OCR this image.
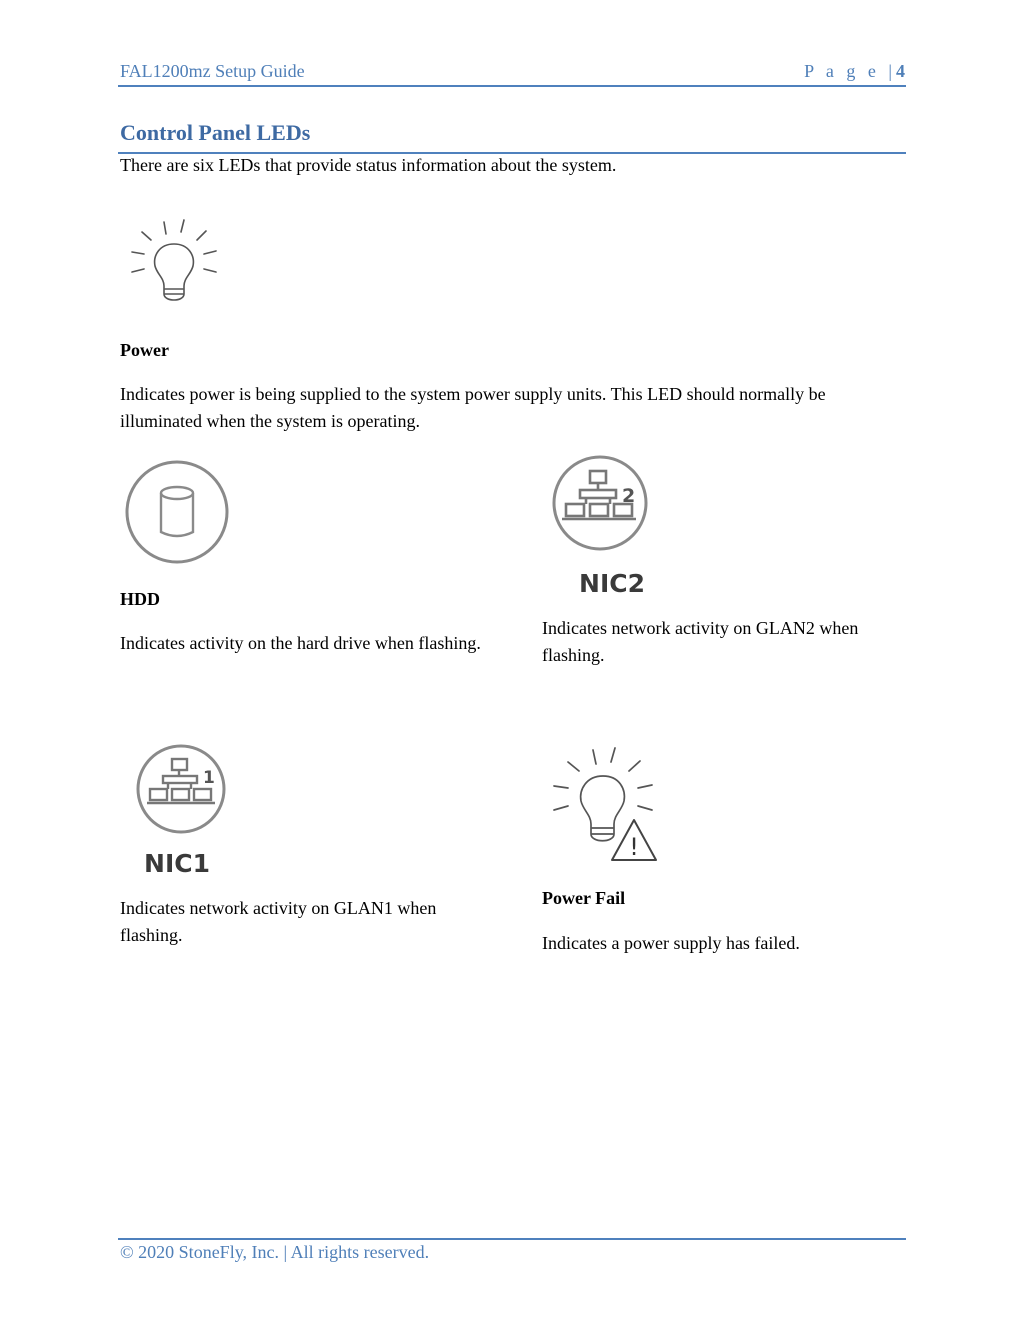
FAL1200mz Setup Guide	P a g e |4
Control Panel LEDs
There are six LEDs that provide status information about the system.
Power
Indicates power is being supplied to the system power supply units. This LED should normally be illuminated when the system is operating.
HDD
Indicates activity on the hard drive when flashing.
2
NIC2
Indicates network activity on GLAN2 when flashing.
1
NIC1
Indicates network activity on GLAN1 when flashing.
!
Power Fail
Indicates a power supply has failed.
© 2020 StoneFly, Inc. | All rights reserved.
